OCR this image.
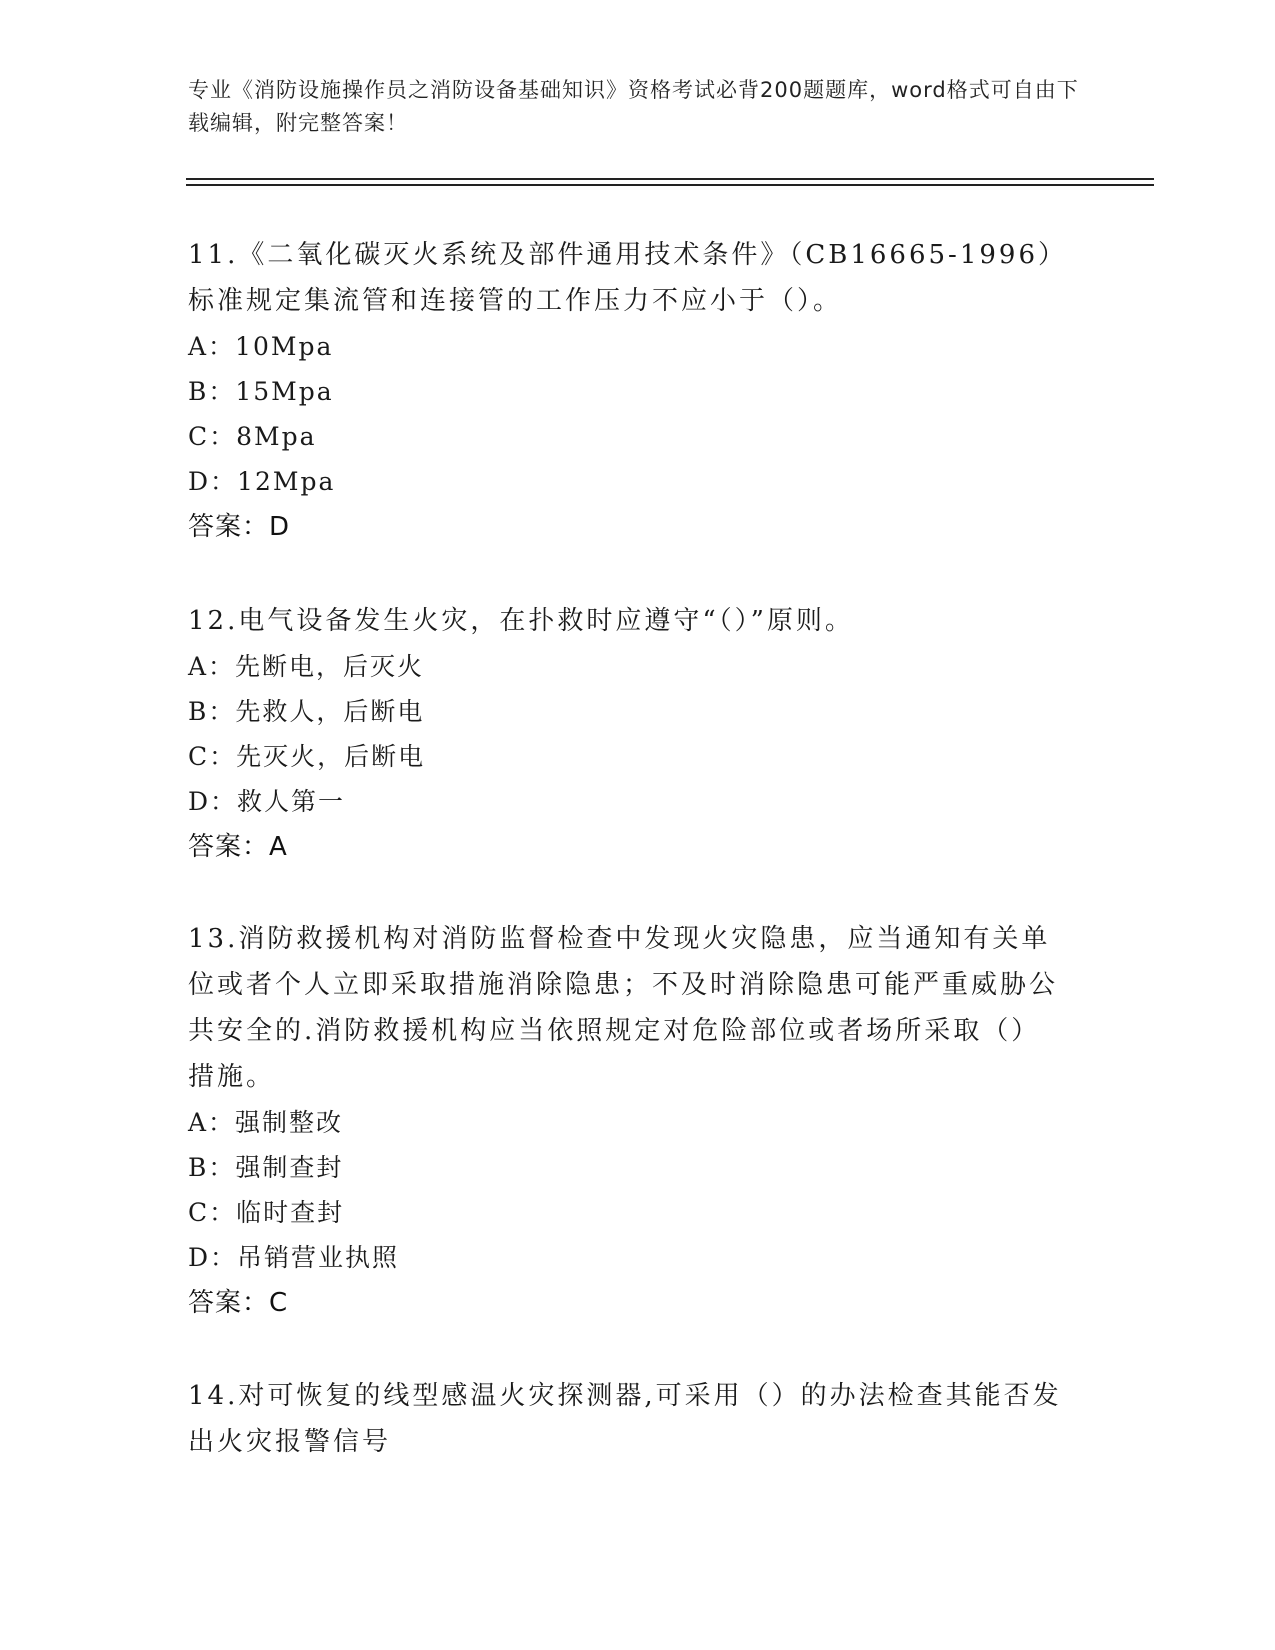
专业《消防设施操作员之消防设备基础知识》资格考试必背200题题库，word格式可自由下载编辑，附完整答案！

11.《二氧化碳灭火系统及部件通用技术条件》（CB16665-1996）标准规定集流管和连接管的工作压力不应小于（）。

A：10Mpa
B：15Mpa
C：8Mpa
D：12Mpa
答案：D

12.电气设备发生火灾，在扑救时应遵守“（）”原则。

A：先断电，后灭火
B：先救人，后断电
C：先灭火，后断电
D：救人第一
答案：A

13.消防救援机构对消防监督检查中发现火灾隐患，应当通知有关单位或者个人立即采取措施消除隐患；不及时消除隐患可能严重威胁公共安全的.消防救援机构应当依照规定对危险部位或者场所采取（）措施。

A：强制整改
B：强制查封
C：临时查封
D：吊销营业执照
答案：C

14.对可恢复的线型感温火灾探测器,可采用（）的办法检查其能否发出火灾报警信号
